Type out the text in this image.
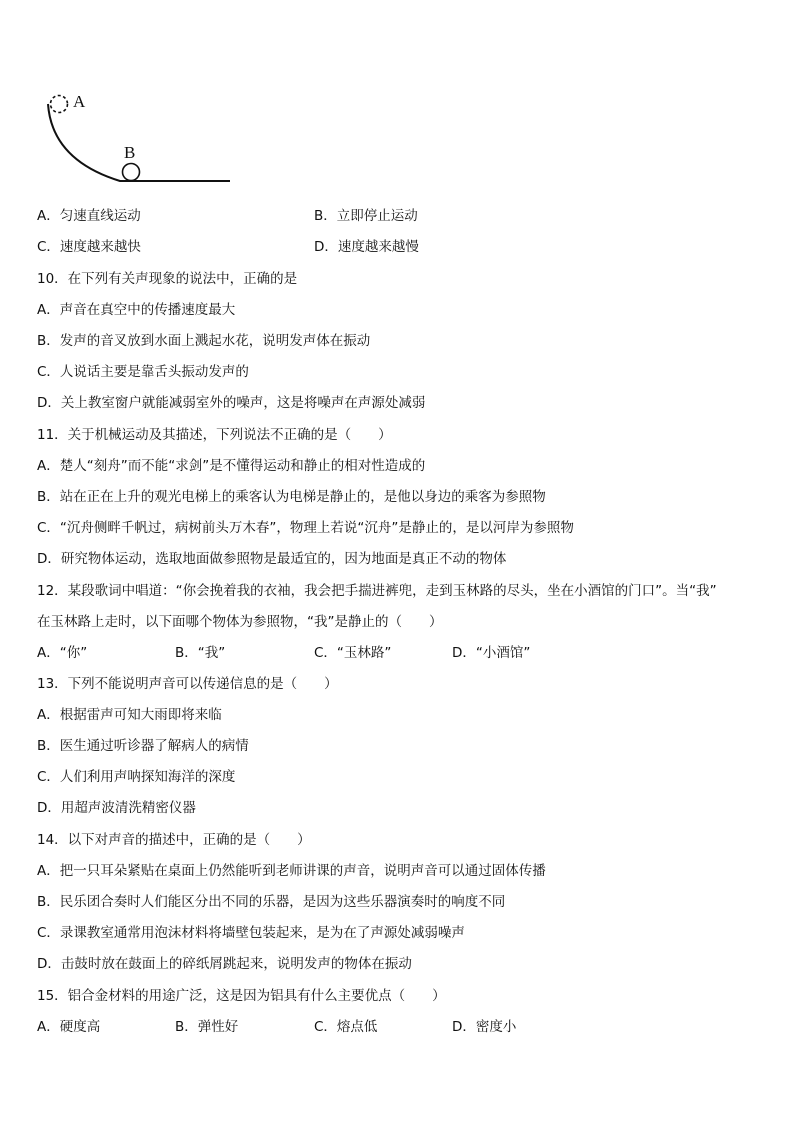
A
B
A．匀速直线运动	B．立即停止运动
C．速度越来越快	D．速度越来越慢
10．在下列有关声现象的说法中，正确的是
A．声音在真空中的传播速度最大
B．发声的音叉放到水面上溅起水花，说明发声体在振动
C．人说话主要是靠舌头振动发声的
D．关上教室窗户就能减弱室外的噪声，这是将噪声在声源处减弱
11．关于机械运动及其描述，下列说法不正确的是（　　）
A．楚人“刻舟”而不能“求剑”是不懂得运动和静止的相对性造成的
B．站在正在上升的观光电梯上的乘客认为电梯是静止的，是他以身边的乘客为参照物
C．“沉舟侧畔千帆过，病树前头万木春”，物理上若说“沉舟”是静止的，是以河岸为参照物
D．研究物体运动，选取地面做参照物是最适宜的，因为地面是真正不动的物体
12．某段歌词中唱道：“你会挽着我的衣袖，我会把手揣进裤兜，走到玉林路的尽头，坐在小酒馆的门口”。当“我”
在玉林路上走时，以下面哪个物体为参照物，“我”是静止的（　　）
A．“你”	B．“我”	C．“玉林路”	D．“小酒馆”
13．下列不能说明声音可以传递信息的是（　　）
A．根据雷声可知大雨即将来临
B．医生通过听诊器了解病人的病情
C．人们利用声呐探知海洋的深度
D．用超声波清洗精密仪器
14．以下对声音的描述中，正确的是（　　）
A．把一只耳朵紧贴在桌面上仍然能听到老师讲课的声音，说明声音可以通过固体传播
B．民乐团合奏时人们能区分出不同的乐器，是因为这些乐器演奏时的响度不同
C．录课教室通常用泡沫材料将墙壁包装起来，是为在了声源处减弱噪声
D．击鼓时放在鼓面上的碎纸屑跳起来，说明发声的物体在振动
15．铝合金材料的用途广泛，这是因为铝具有什么主要优点（　　）
A．硬度高	B．弹性好	C．熔点低	D．密度小
